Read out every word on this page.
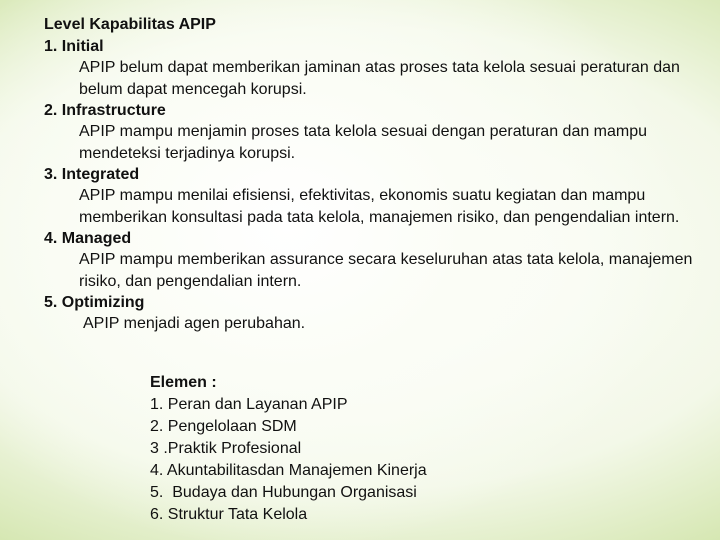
Level Kapabilitas APIP
1. Initial
APIP belum dapat memberikan jaminan atas proses tata kelola sesuai peraturan dan belum dapat mencegah korupsi.
2. Infrastructure
APIP mampu menjamin proses tata kelola sesuai dengan peraturan dan mampu mendeteksi terjadinya korupsi.
3. Integrated
APIP mampu menilai efisiensi, efektivitas, ekonomis suatu kegiatan dan mampu memberikan konsultasi pada tata kelola, manajemen risiko, dan pengendalian intern.
4. Managed
APIP mampu memberikan assurance secara keseluruhan atas tata kelola, manajemen risiko, dan pengendalian intern.
5. Optimizing
APIP menjadi agen perubahan.
Elemen :
1. Peran dan Layanan APIP
2. Pengelolaan SDM
3 .Praktik Profesional
4. Akuntabilitasdan Manajemen Kinerja
5.  Budaya dan Hubungan Organisasi
6. Struktur Tata Kelola
